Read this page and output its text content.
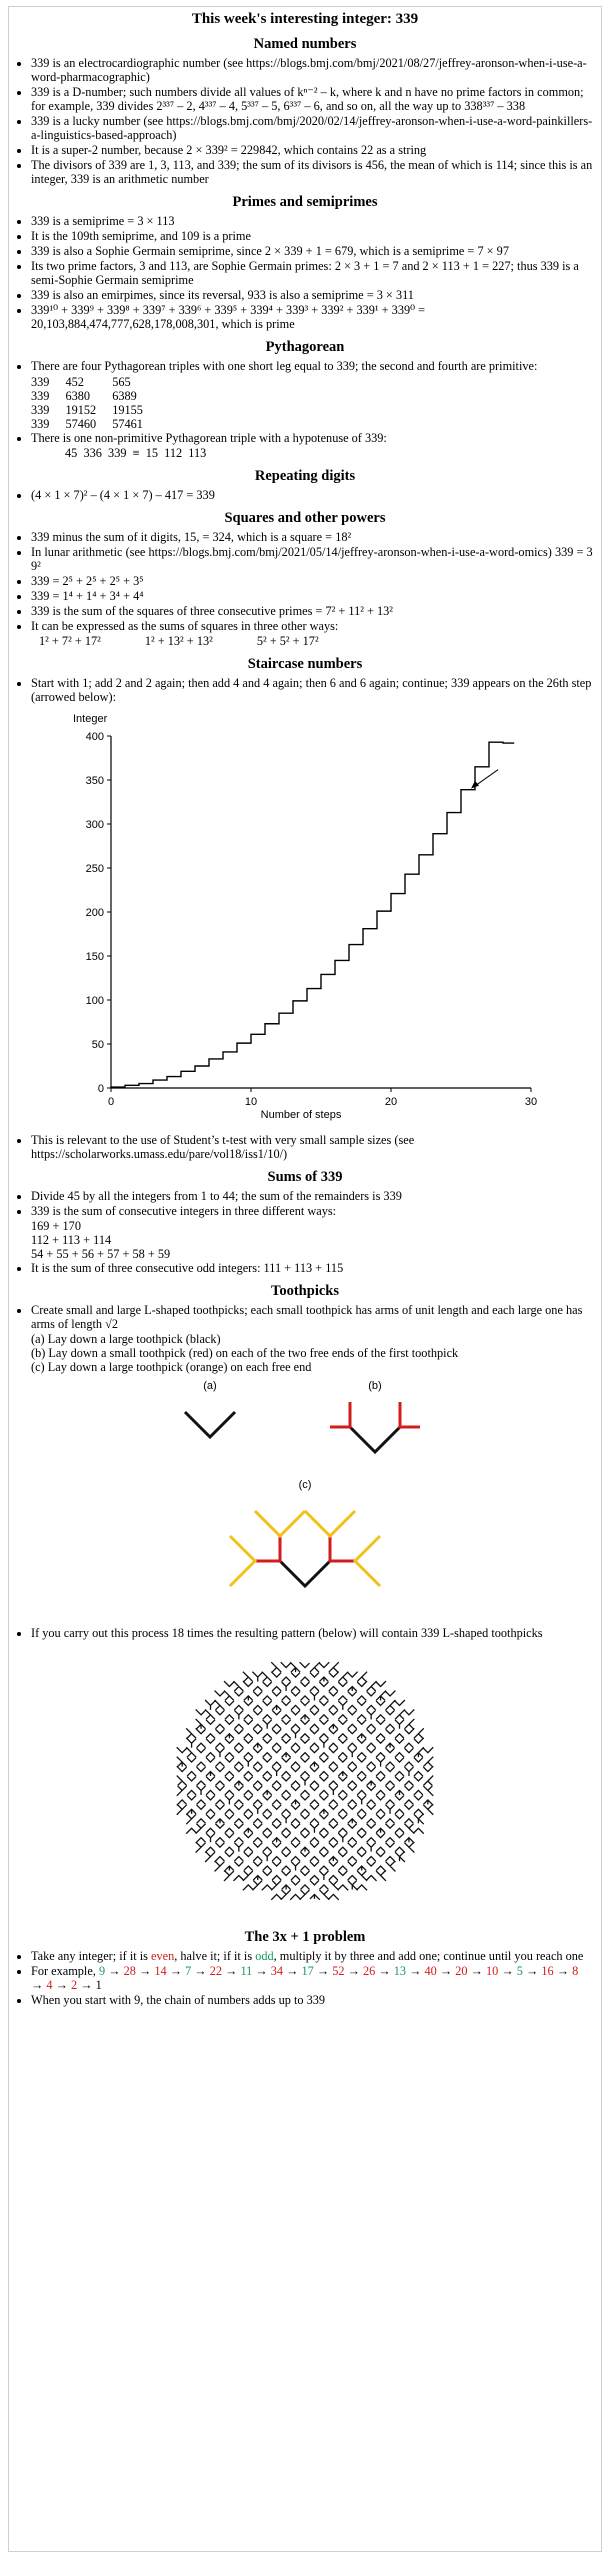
This week's interesting integer: 339
Named numbers
• 339 is an electrocardiographic number (see https://blogs.bmj.com/bmj/2021/08/27/jeffrey-aronson-when-i-use-a-word-pharmacographic)
• 339 is a D-number; such numbers divide all values of kⁿ⁻² – k, where k and n have no prime factors in common; for example, 339 divides 2³³⁷ – 2, 4³³⁷ – 4, 5³³⁷ – 5, 6³³⁷ – 6, and so on, all the way up to 338³³⁷ – 338
• 339 is a lucky number (see https://blogs.bmj.com/bmj/2020/02/14/jeffrey-aronson-when-i-use-a-word-painkillers-a-linguistics-based-approach)
• It is a super-2 number, because 2 × 339² = 229842, which contains 22 as a string
• The divisors of 339 are 1, 3, 113, and 339; the sum of its divisors is 456, the mean of which is 114; since this is an integer, 339 is an arithmetic number
Primes and semiprimes
• 339 is a semiprime = 3 × 113
• It is the 109th semiprime, and 109 is a prime
• 339 is also a Sophie Germain semiprime, since 2 × 339 + 1 = 679, which is a semiprime = 7 × 97
• Its two prime factors, 3 and 113, are Sophie Germain primes: 2 × 3 + 1 = 7 and 2 × 113 + 1 = 227; thus 339 is a semi-Sophie Germain semiprime
• 339 is also an emirpimes, since its reversal, 933 is also a semiprime = 3 × 311
• 339¹⁰ + 339⁹ + 339⁸ + 339⁷ + 339⁶ + 339⁵ + 339⁴ + 339³ + 339² + 339¹ + 339⁰ = 20,103,884,474,777,628,178,008,301, which is prime
Pythagorean
• There are four Pythagorean triples with one short leg equal to 339; the second and fourth are primitive:
339	452	565
339	6380	6389
339	19152	19155
339	57460	57461
• There is one non-primitive Pythagorean triple with a hypotenuse of 339:
45  336  339  ≡  15  112  113
Repeating digits
• (4 × 1 × 7)² – (4 × 1 × 7) – 417 = 339
Squares and other powers
• 339 minus the sum of it digits, 15, = 324, which is a square = 18²
• In lunar arithmetic (see https://blogs.bmj.com/bmj/2021/05/14/jeffrey-aronson-when-i-use-a-word-omics) 339 = 39²
• 339 = 2⁵ + 2⁵ + 2⁵ + 3⁵
• 339 = 1⁴ + 1⁴ + 3⁴ + 4⁴
• 339 is the sum of the squares of three consecutive primes = 7² + 11² + 13²
• It can be expressed as the sums of squares in three other ways:
1² + 7² + 17²	1² + 13² + 13²	5² + 5² + 17²
Staircase numbers
• Start with 1; add 2 and 2 again; then add 4 and 4 again; then 6 and 6 again; continue; 339 appears on the 26th step (arrowed below):
Integer
Number of steps
0
50
100
150
200
250
300
350
400
0	10	20	30
• This is relevant to the use of Student’s t-test with very small sample sizes (see https://scholarworks.umass.edu/pare/vol18/iss1/10/)
Sums of 339
• Divide 45 by all the integers from 1 to 44; the sum of the remainders is 339
• 339 is the sum of consecutive integers in three different ways:
169 + 170
112 + 113 + 114
54 + 55 + 56 + 57 + 58 + 59
• It is the sum of three consecutive odd integers: 111 + 113 + 115
Toothpicks
• Create small and large L-shaped toothpicks; each small toothpick has arms of unit length and each large one has arms of length √2
(a) Lay down a large toothpick (black)
(b) Lay down a small toothpick (red) on each of the two free ends of the first toothpick
(c) Lay down a large toothpick (orange) on each free end
(a)	(b)
(c)
• If you carry out this process 18 times the resulting pattern (below) will contain 339 L-shaped toothpicks
The 3x + 1 problem
• Take any integer; if it is even, halve it; if it is odd, multiply it by three and add one; continue until you reach one
• For example, 9 → 28 → 14 → 7 → 22 → 11 → 34 → 17 → 52 → 26 → 13 → 40 → 20 → 10 → 5 → 16 → 8 → 4 → 2 → 1
• When you start with 9, the chain of numbers adds up to 339
